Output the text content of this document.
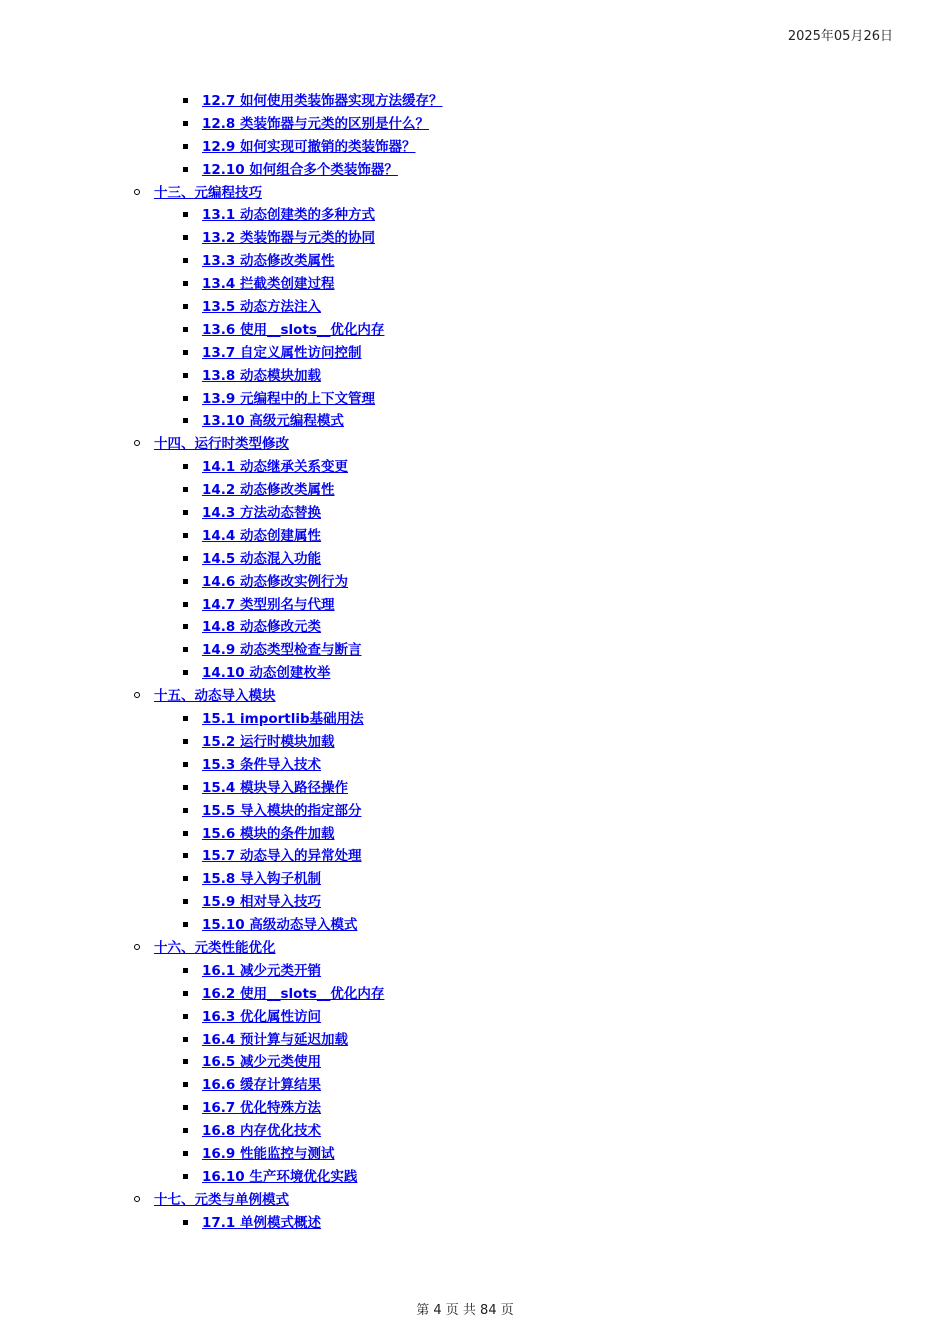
2025年05月26日
12.7 如何使用类装饰器实现方法缓存？
12.8 类装饰器与元类的区别是什么？
12.9 如何实现可撤销的类装饰器？
12.10 如何组合多个类装饰器？
十三、元编程技巧
13.1 动态创建类的多种方式
13.2 类装饰器与元类的协同
13.3 动态修改类属性
13.4 拦截类创建过程
13.5 动态方法注入
13.6 使用__slots__优化内存
13.7 自定义属性访问控制
13.8 动态模块加载
13.9 元编程中的上下文管理
13.10 高级元编程模式
十四、运行时类型修改
14.1 动态继承关系变更
14.2 动态修改类属性
14.3 方法动态替换
14.4 动态创建属性
14.5 动态混入功能
14.6 动态修改实例行为
14.7 类型别名与代理
14.8 动态修改元类
14.9 动态类型检查与断言
14.10 动态创建枚举
十五、动态导入模块
15.1 importlib基础用法
15.2 运行时模块加载
15.3 条件导入技术
15.4 模块导入路径操作
15.5 导入模块的指定部分
15.6 模块的条件加载
15.7 动态导入的异常处理
15.8 导入钩子机制
15.9 相对导入技巧
15.10 高级动态导入模式
十六、元类性能优化
16.1 减少元类开销
16.2 使用__slots__优化内存
16.3 优化属性访问
16.4 预计算与延迟加载
16.5 减少元类使用
16.6 缓存计算结果
16.7 优化特殊方法
16.8 内存优化技术
16.9 性能监控与测试
16.10 生产环境优化实践
十七、元类与单例模式
17.1 单例模式概述
第 4 页 共 84 页
